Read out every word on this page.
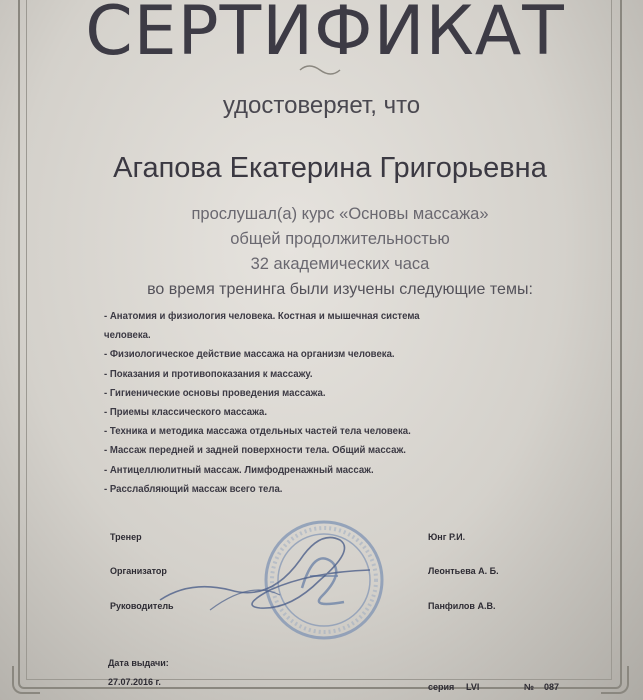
СЕРТИФИКАТ
удостоверяет, что
Агапова Екатерина Григорьевна
прослушал(а) курс «Основы массажа»
общей продолжительностью
32 академических часа
во время тренинга были изучены следующие темы:
- Анатомия и физиология человека. Костная и мышечная система
человека.
- Физиологическое действие массажа на организм человека.
- Показания и противопоказания к массажу.
- Гигиенические основы проведения массажа.
- Приемы классического массажа.
- Техника и методика массажа отдельных частей тела человека.
- Массаж передней и задней поверхности тела. Общий массаж.
- Антицеллюлитный массаж. Лимфодренажный массаж.
- Расслабляющий массаж всего тела.
Тренер	Юнг Р.И.
Организатор	Леонтьева А. Б.
Руководитель	Панфилов А.В.
Дата выдачи:
27.07.2016 г.	серия LVI	№ 087
